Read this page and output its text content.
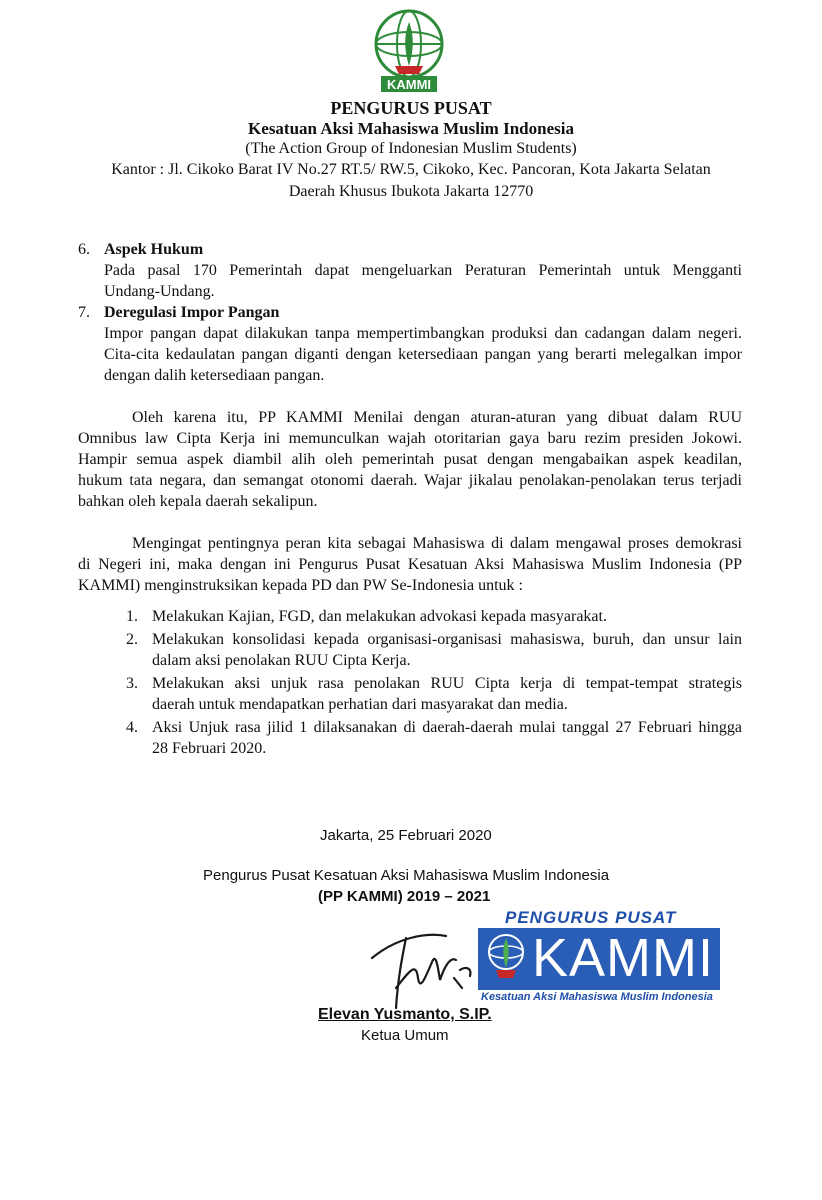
KAMMI
PENGURUS PUSAT
Kesatuan Aksi Mahasiswa Muslim Indonesia
(The Action Group of Indonesian Muslim Students)
Kantor : Jl. Cikoko Barat IV No.27 RT.5/ RW.5, Cikoko, Kec. Pancoran, Kota Jakarta Selatan
Daerah Khusus Ibukota Jakarta 12770
6. Aspek Hukum
Pada pasal 170 Pemerintah dapat mengeluarkan Peraturan Pemerintah untuk Mengganti
Undang-Undang.
7. Deregulasi Impor Pangan
Impor pangan dapat dilakukan tanpa mempertimbangkan produksi dan cadangan dalam negeri.
Cita-cita kedaulatan pangan diganti dengan ketersediaan pangan yang berarti melegalkan impor
dengan dalih ketersediaan pangan.
Oleh karena itu, PP KAMMI Menilai dengan aturan-aturan yang dibuat dalam RUU
Omnibus law Cipta Kerja ini memunculkan wajah otoritarian gaya baru rezim presiden Jokowi.
Hampir semua aspek diambil alih oleh pemerintah pusat dengan mengabaikan aspek keadilan,
hukum tata negara, dan semangat otonomi daerah. Wajar jikalau penolakan-penolakan terus terjadi
bahkan oleh kepala daerah sekalipun.
Mengingat pentingnya peran kita sebagai Mahasiswa di dalam mengawal proses demokrasi
di Negeri ini, maka dengan ini Pengurus Pusat Kesatuan Aksi Mahasiswa Muslim Indonesia (PP
KAMMI) menginstruksikan kepada PD dan PW Se-Indonesia untuk :
1. Melakukan Kajian, FGD, dan melakukan advokasi kepada masyarakat.
2. Melakukan konsolidasi kepada organisasi-organisasi mahasiswa, buruh, dan unsur lain
dalam aksi penolakan RUU Cipta Kerja.
3. Melakukan aksi unjuk rasa penolakan RUU Cipta kerja di tempat-tempat strategis
daerah untuk mendapatkan perhatian dari masyarakat dan media.
4. Aksi Unjuk rasa jilid 1 dilaksanakan di daerah-daerah mulai tanggal 27 Februari hingga
28 Februari 2020.
Jakarta, 25 Februari 2020
Pengurus Pusat Kesatuan Aksi Mahasiswa Muslim Indonesia
(PP KAMMI) 2019 – 2021
PENGURUS PUSAT
KAMMI
Kesatuan Aksi Mahasiswa Muslim Indonesia
Elevan Yusmanto, S.IP.
Ketua Umum
